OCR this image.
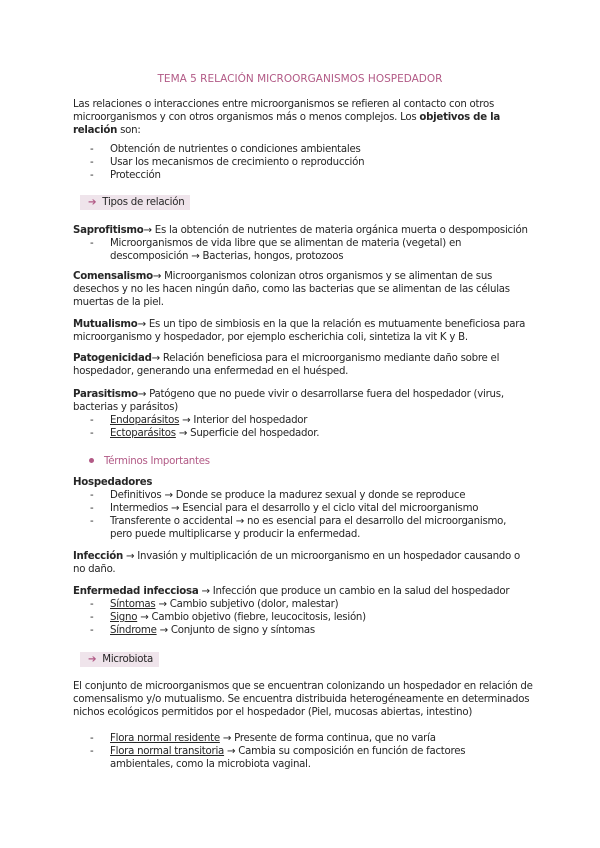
TEMA 5 RELACIÓN MICROORGANISMOS HOSPEDADOR

Las relaciones o interacciones entre microorganismos se refieren al contacto con otros microorganismos y con otros organismos más o menos complejos. Los objetivos de la relación son:

- Obtención de nutrientes o condiciones ambientales
- Usar los mecanismos de crecimiento o reproducción
- Protección
➔ Tipos de relación

Saprofitismo→ Es la obtención de nutrientes de materia orgánica muerta o despomposición

- Microorganismos de vida libre que se alimentan de materia (vegetal) en descomposición → Bacterias, hongos, protozoos

Comensalismo→ Microorganismos colonizan otros organismos y se alimentan de sus desechos y no les hacen ningún daño, como las bacterias que se alimentan de las células muertas de la piel.

Mutualismo→ Es un tipo de simbiosis en la que la relación es mutuamente beneficiosa para microorganismo y hospedador, por ejemplo escherichia coli, sintetiza la vit K y B.

Patogenicidad→ Relación beneficiosa para el microorganismo mediante daño sobre el hospedador, generando una enfermedad en el huésped.

Parasitismo→ Patógeno que no puede vivir o desarrollarse fuera del hospedador (virus, bacterias y parásitos)

- Endoparásitos → Interior del hospedador
- Ectoparásitos → Superficie del hospedador.
Términos Importantes

Hospedadores

- Definitivos → Donde se produce la madurez sexual y donde se reproduce
- Intermedios → Esencial para el desarrollo y el ciclo vital del microorganismo
- Transferente o accidental → no es esencial para el desarrollo del microorganismo, pero puede multiplicarse y producir la enfermedad.

Infección → Invasión y multiplicación de un microorganismo en un hospedador causando o no daño.

Enfermedad infecciosa → Infección que produce un cambio en la salud del hospedador

- Síntomas → Cambio subjetivo (dolor, malestar)
- Signo → Cambio objetivo (fiebre, leucocitosis, lesión)
- Síndrome → Conjunto de signo y síntomas
➔ Microbiota

El conjunto de microorganismos que se encuentran colonizando un hospedador en relación de comensalismo y/o mutualismo. Se encuentra distribuida heterogéneamente en determinados nichos ecológicos permitidos por el hospedador (Piel, mucosas abiertas, intestino)

- Flora normal residente → Presente de forma continua, que no varía
- Flora normal transitoria → Cambia su composición en función de factores ambientales, como la microbiota vaginal.
